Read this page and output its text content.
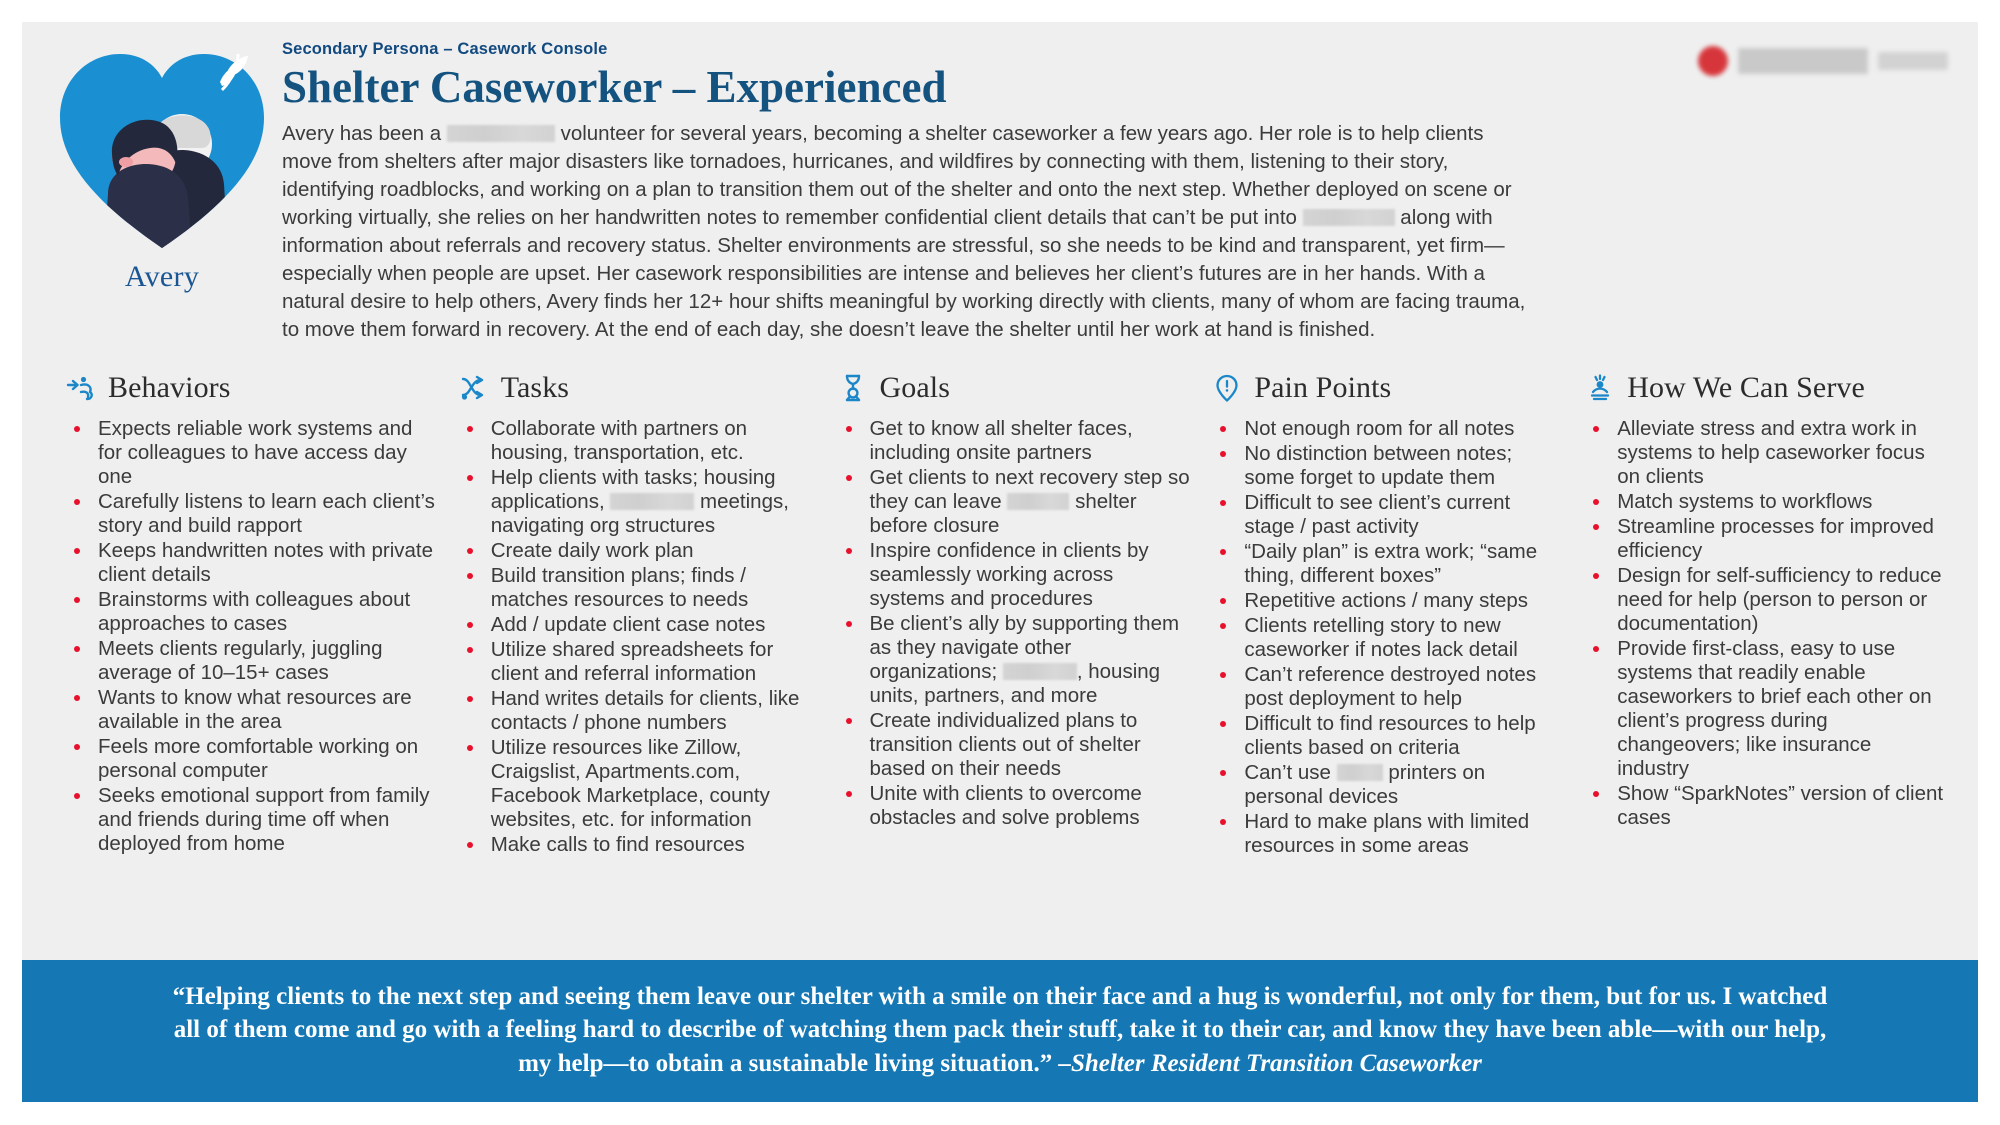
Avery

Secondary Persona – Casework Console

Shelter Caseworker – Experienced

Avery has been a	volunteer for several years, becoming a shelter caseworker a few years ago. Her role is to help clients move from shelters after major disasters like tornadoes, hurricanes, and wildfires by connecting with them, listening to their story, identifying roadblocks, and working on a plan to transition them out of the shelter and onto the next step. Whether deployed on scene or working virtually, she relies on her handwritten notes to remember confidential client details that can’t be put into	along with information about referrals and recovery status. Shelter environments are stressful, so she needs to be kind and transparent, yet firm—especially when people are upset. Her casework responsibilities are intense and believes her client’s futures are in her hands. With a natural desire to help others, Avery finds her 12+ hour shifts meaningful by working directly with clients, many of whom are facing trauma, to move them forward in recovery. At the end of each day, she doesn’t leave the shelter until her work at hand is finished.

Behaviors
Expects reliable work systems and for colleagues to have access day one
Carefully listens to learn each client’s story and build rapport
Keeps handwritten notes with private client details
Brainstorms with colleagues about approaches to cases
Meets clients regularly, juggling average of 10–15+ cases
Wants to know what resources are available in the area
Feels more comfortable working on personal computer
Seeks emotional support from family and friends during time off when deployed from home
Tasks
Collaborate with partners on housing, transportation, etc.
Help clients with tasks; housing applications,	meetings, navigating org structures
Create daily work plan
Build transition plans; finds / matches resources to needs
Add / update client case notes
Utilize shared spreadsheets for client and referral information
Hand writes details for clients, like contacts / phone numbers
Utilize resources like Zillow, Craigslist, Apartments.com, Facebook Marketplace, county websites, etc. for information
Make calls to find resources
Goals
Get to know all shelter faces, including onsite partners
Get clients to next recovery step so they can leave	shelter before closure
Inspire confidence in clients by seamlessly working across systems and procedures
Be client’s ally by supporting them as they navigate other organizations;	, housing units, partners, and more
Create individualized plans to transition clients out of shelter based on their needs
Unite with clients to overcome obstacles and solve problems
Pain Points
Not enough room for all notes
No distinction between notes; some forget to update them
Difficult to see client’s current stage / past activity
“Daily plan” is extra work; “same thing, different boxes”
Repetitive actions / many steps
Clients retelling story to new caseworker if notes lack detail
Can’t reference destroyed notes post deployment to help
Difficult to find resources to help clients based on criteria
Can’t use  printers on personal devices
Hard to make plans with limited resources in some areas
How We Can Serve
Alleviate stress and extra work in systems to help caseworker focus on clients
Match systems to workflows
Streamline processes for improved efficiency
Design for self-sufficiency to reduce need for help (person to person or documentation)
Provide first-class, easy to use systems that readily enable caseworkers to brief each other on client’s progress during changeovers; like insurance industry
Show “SparkNotes” version of client cases

“Helping clients to the next step and seeing them leave our shelter with a smile on their face and a hug is wonderful, not only for them, but for us. I watched all of them come and go with a feeling hard to describe of watching them pack their stuff, take it to their car, and know they have been able—with our help, my help—to obtain a sustainable living situation.” –Shelter Resident Transition Caseworker
